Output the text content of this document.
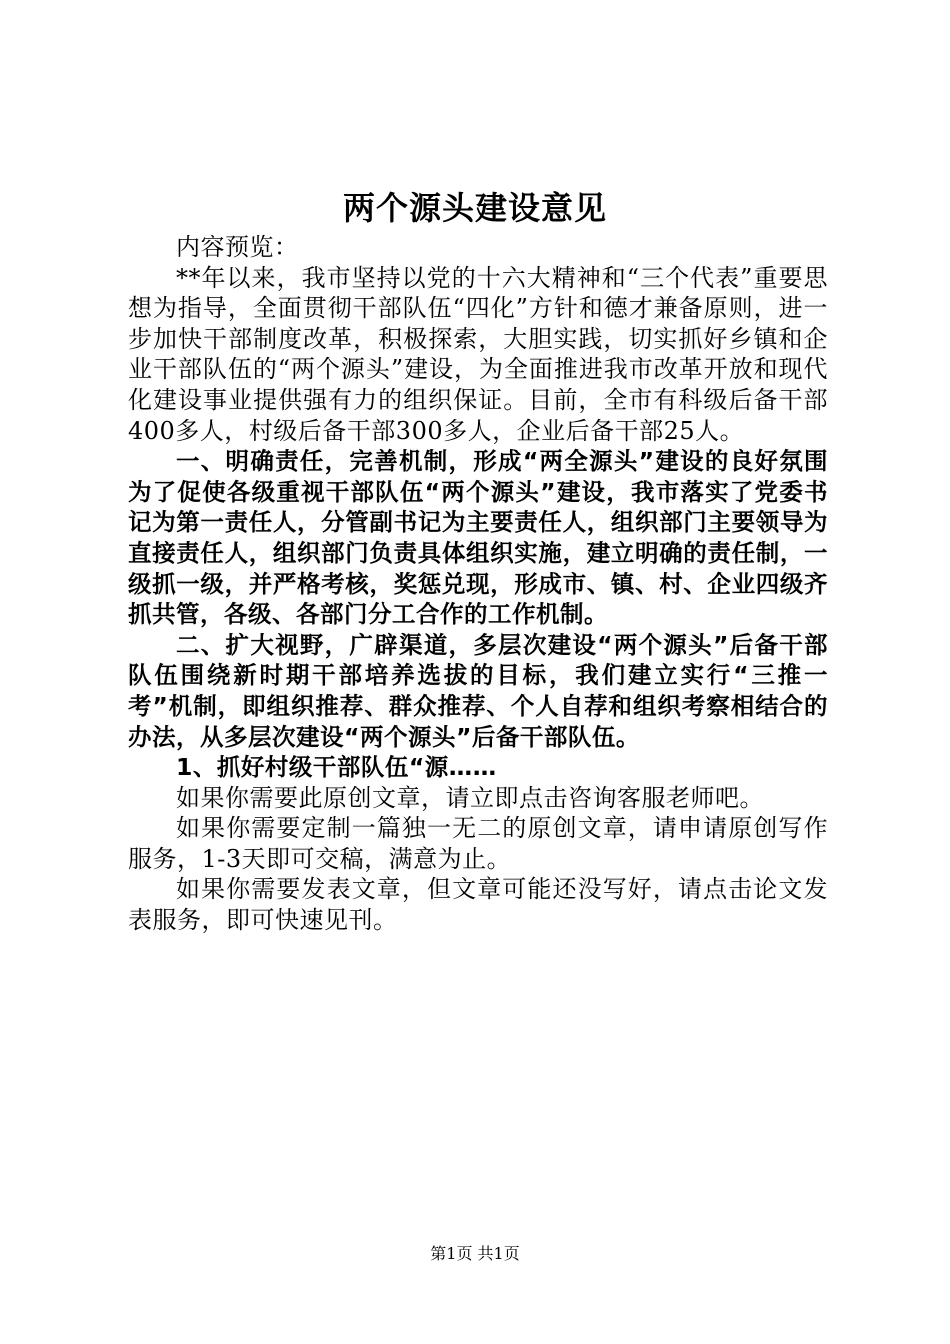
两个源头建设意见

内容预览：

**年以来，我市坚持以党的十六大精神和“三个代表”重要思想为指导，全面贯彻干部队伍“四化”方针和德才兼备原则，进一步加快干部制度改革，积极探索，大胆实践，切实抓好乡镇和企业干部队伍的“两个源头”建设，为全面推进我市改革开放和现代化建设事业提供强有力的组织保证。目前，全市有科级后备干部400多人，村级后备干部300多人，企业后备干部25人。

一、明确责任，完善机制，形成“两全源头”建设的良好氛围为了促使各级重视干部队伍“两个源头”建设，我市落实了党委书记为第一责任人，分管副书记为主要责任人，组织部门主要领导为直接责任人，组织部门负责具体组织实施，建立明确的责任制，一级抓一级，并严格考核，奖惩兑现，形成市、镇、村、企业四级齐抓共管，各级、各部门分工合作的工作机制。

二、扩大视野，广辟渠道，多层次建设“两个源头”后备干部队伍围绕新时期干部培养选拔的目标，我们建立实行“三推一考”机制，即组织推荐、群众推荐、个人自荐和组织考察相结合的办法，从多层次建设“两个源头”后备干部队伍。

1、抓好村级干部队伍“源……

如果你需要此原创文章，请立即点击咨询客服老师吧。

如果你需要定制一篇独一无二的原创文章，请申请原创写作服务，1-3天即可交稿，满意为止。

如果你需要发表文章，但文章可能还没写好，请点击论文发表服务，即可快速见刊。

第1页 共1页
